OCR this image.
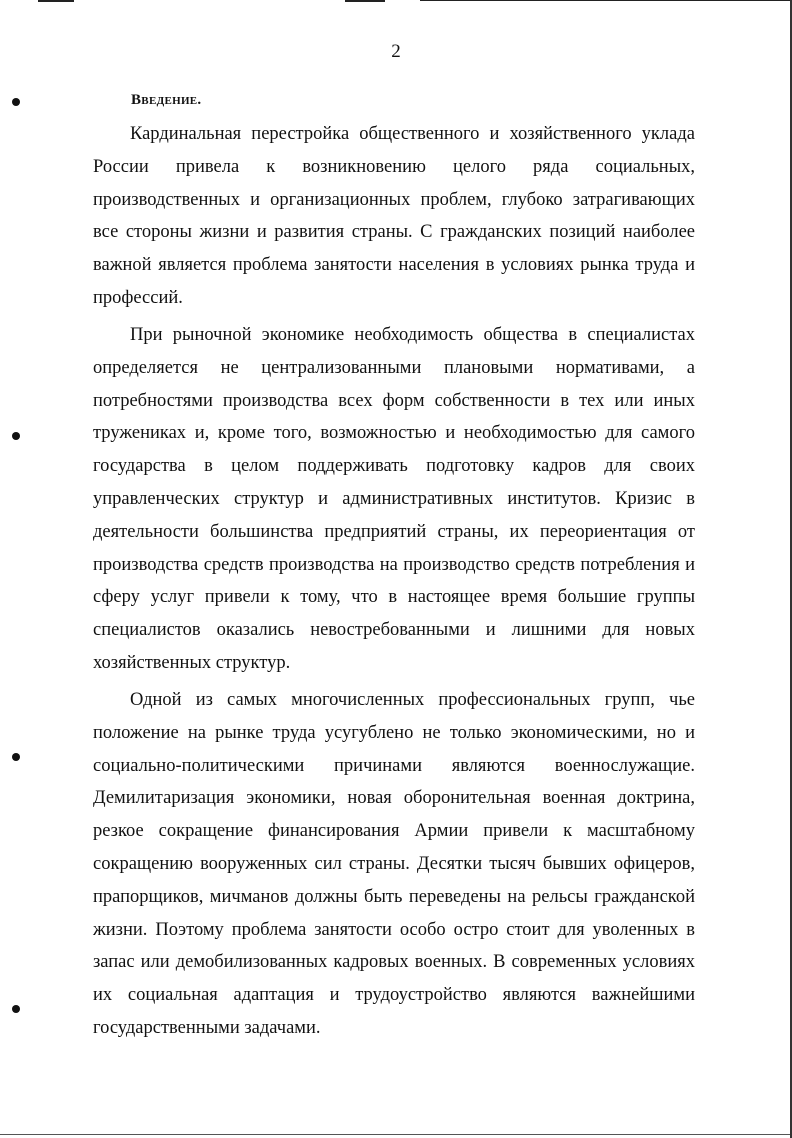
2
Введение.

Кардинальная перестройка общественного и хозяйственного уклада России привела к возникновению целого ряда социальных, производственных и организационных проблем, глубоко затрагивающих все стороны жизни и развития страны. С гражданских позиций наиболее важной является проблема занятости населения в условиях рынка труда и профессий.

При рыночной экономике необходимость общества в специалистах определяется не централизованными плановыми нормативами, а потребностями производства всех форм собственности в тех или иных тружениках и, кроме того, возможностью и необходимостью для самого государства в целом поддерживать подготовку кадров для своих управленческих структур и административных институтов. Кризис в деятельности большинства предприятий страны, их переориентация от производства средств производства на производство средств потребления и сферу услуг привели к тому, что в настоящее время большие группы специалистов оказались невостребованными и лишними для новых хозяйственных структур.

Одной из самых многочисленных профессиональных групп, чье положение на рынке труда усугублено не только экономическими, но и социально-политическими причинами являются военнослужащие. Демилитаризация экономики, новая оборонительная военная доктрина, резкое сокращение финансирования Армии привели к масштабному сокращению вооруженных сил страны. Десятки тысяч бывших офицеров, прапорщиков, мичманов должны быть переведены на рельсы гражданской жизни. Поэтому проблема занятости особо остро стоит для уволенных в запас или демобилизованных кадровых военных. В современных условиях их социальная адаптация и трудоустройство являются важнейшими государственными задачами.
